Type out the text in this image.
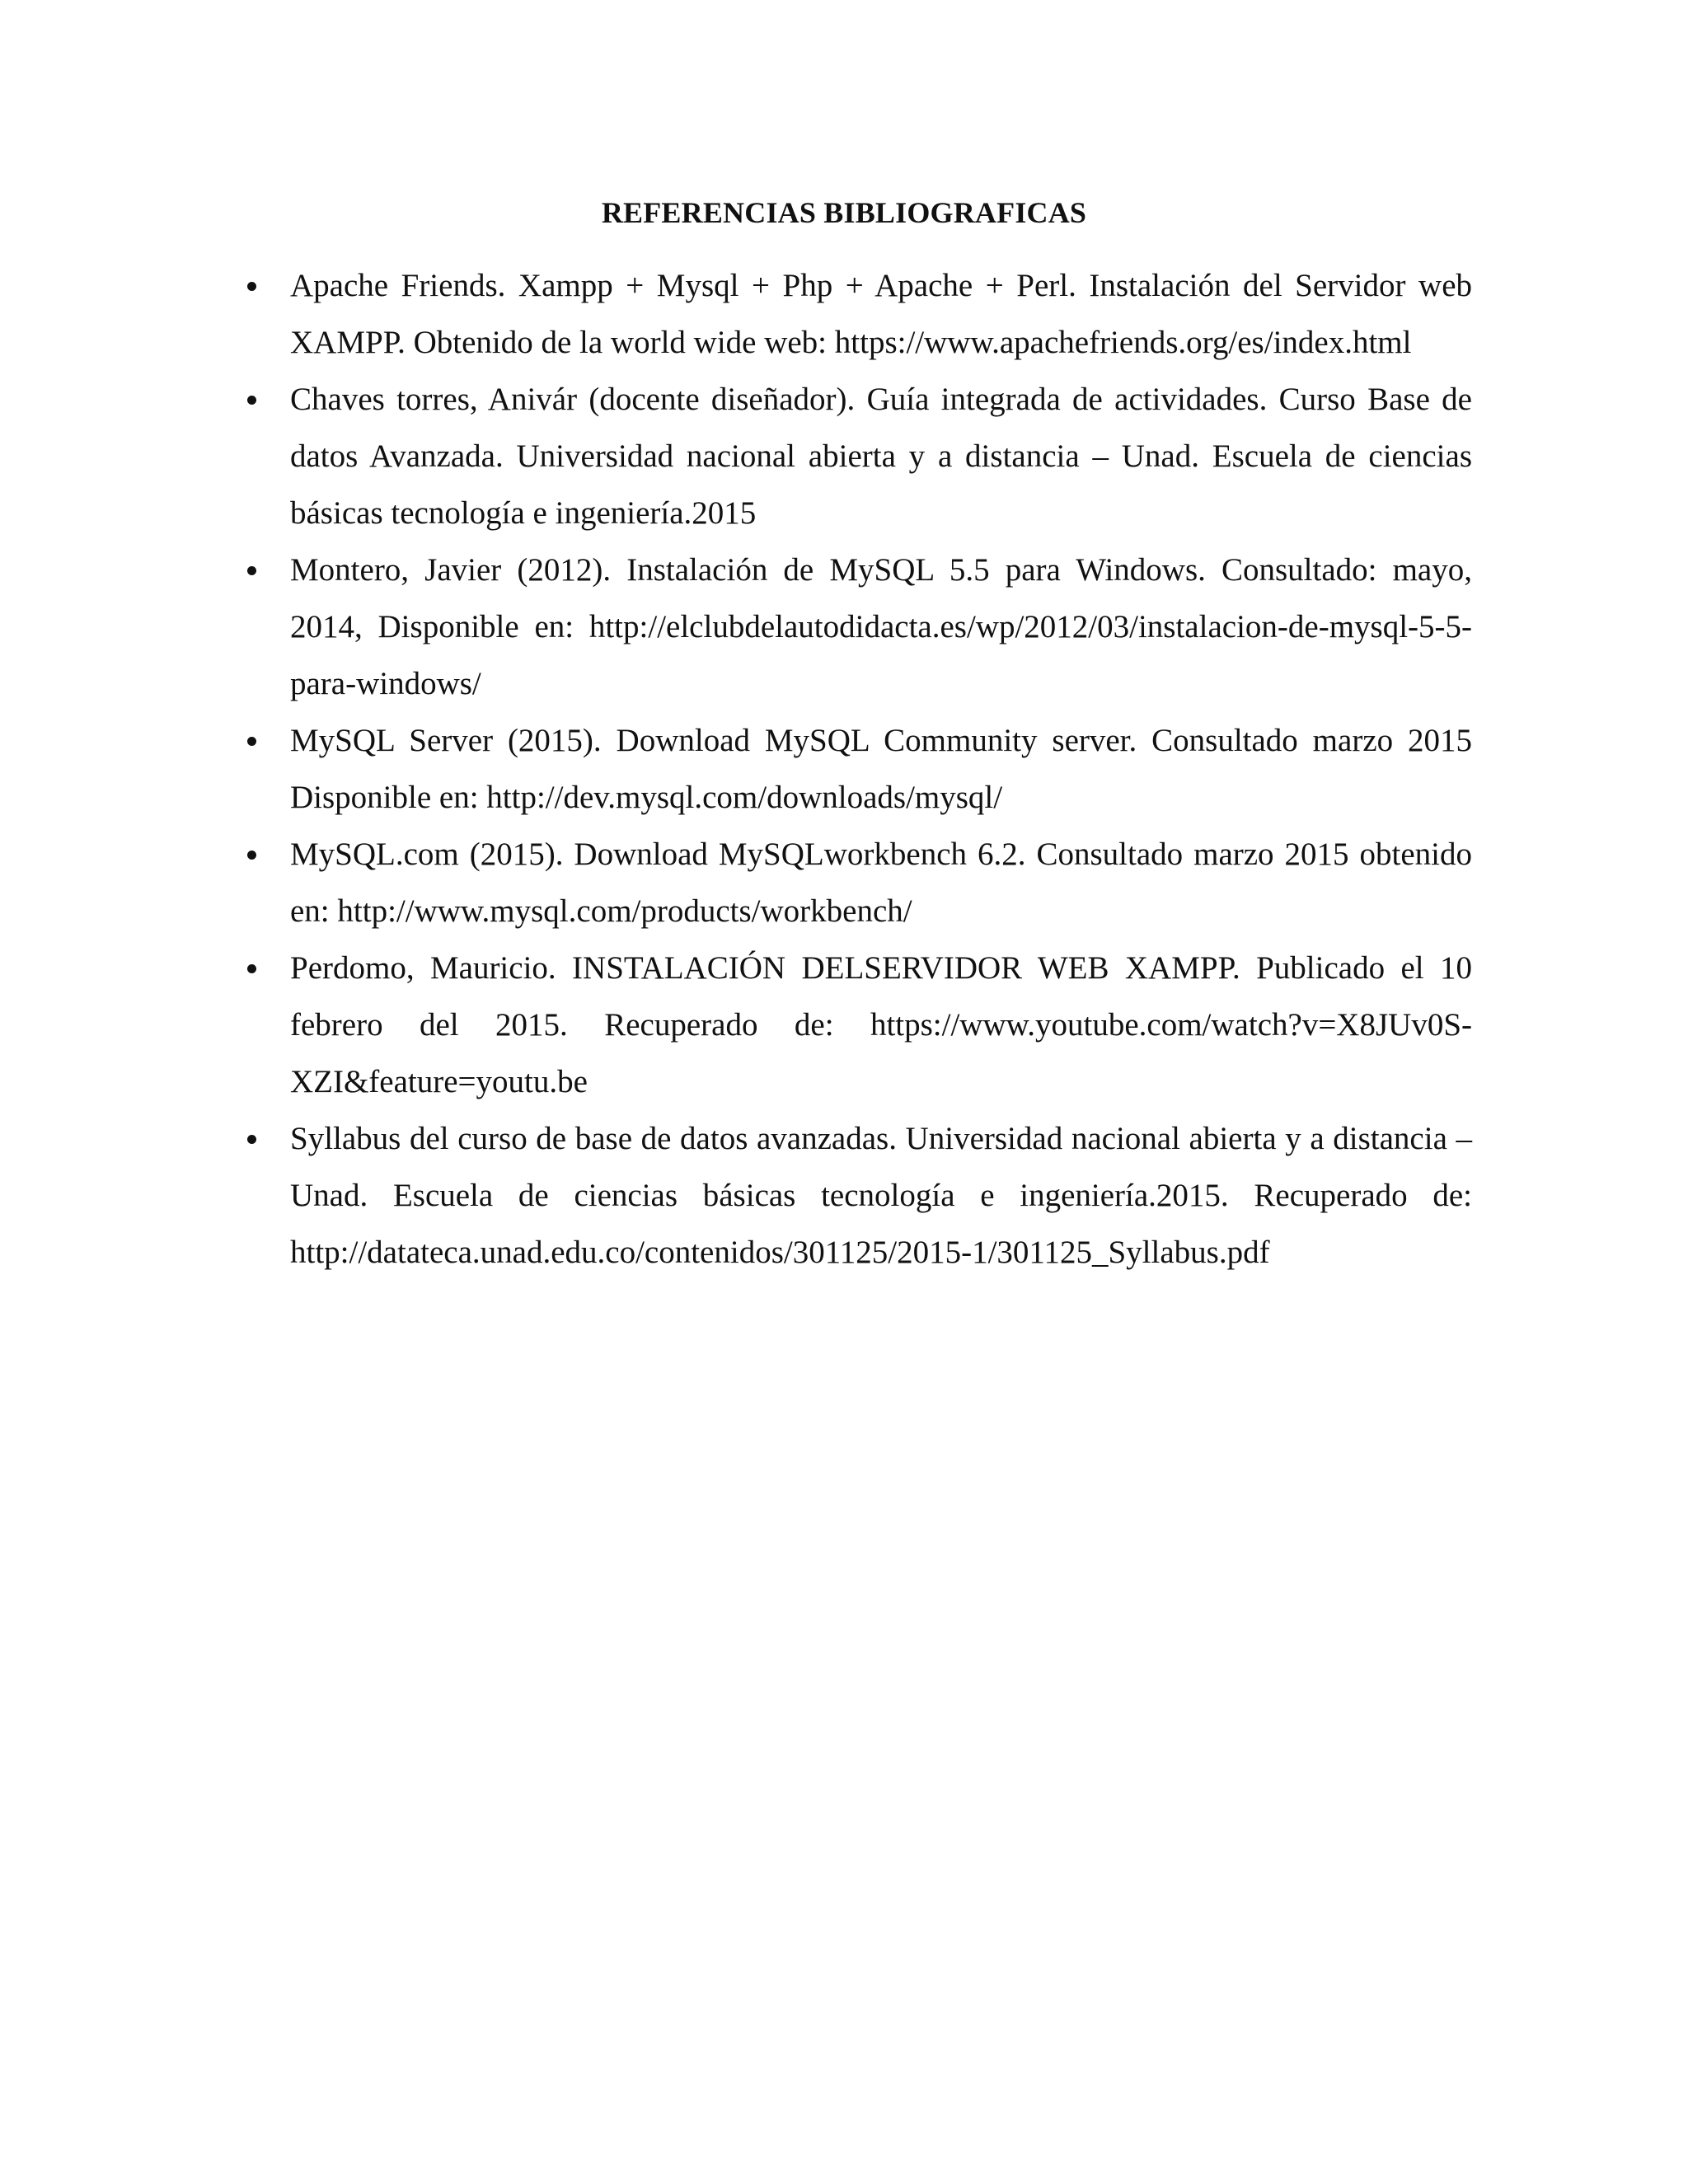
REFERENCIAS BIBLIOGRAFICAS
Apache Friends. Xampp + Mysql + Php + Apache + Perl. Instalación del Servidor web XAMPP. Obtenido de la world wide web: https://www.apachefriends.org/es/index.html
Chaves torres, Anivár (docente diseñador). Guía integrada de actividades. Curso Base de datos Avanzada. Universidad nacional abierta y a distancia – Unad. Escuela de ciencias básicas tecnología e ingeniería.2015
Montero, Javier (2012). Instalación de MySQL 5.5 para Windows. Consultado: mayo, 2014, Disponible en: http://elclubdelautodidacta.es/wp/2012/03/instalacion-de-mysql-5-5-para-windows/
MySQL Server (2015). Download MySQL Community server. Consultado marzo 2015 Disponible en: http://dev.mysql.com/downloads/mysql/
MySQL.com (2015). Download MySQLworkbench 6.2. Consultado marzo 2015 obtenido en: http://www.mysql.com/products/workbench/
Perdomo, Mauricio. INSTALACIÓN DELSERVIDOR WEB XAMPP. Publicado el 10 febrero del 2015. Recuperado de: https://www.youtube.com/watch?v=X8JUv0S-XZI&feature=youtu.be
Syllabus del curso de base de datos avanzadas. Universidad nacional abierta y a distancia – Unad. Escuela de ciencias básicas tecnología e ingeniería.2015. Recuperado de: http://datateca.unad.edu.co/contenidos/301125/2015-1/301125_Syllabus.pdf
